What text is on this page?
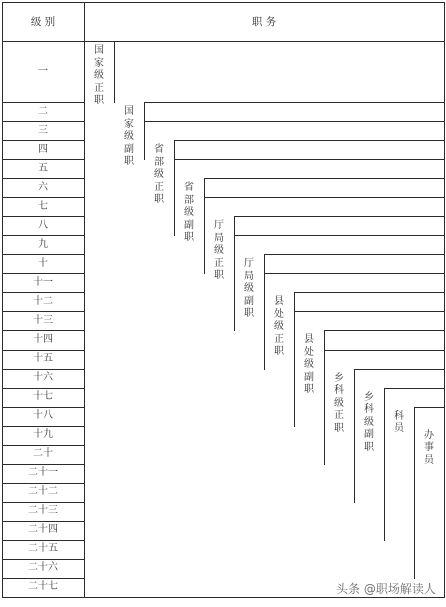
级 别	职 务
头条 @职场解读人
一
二
三
四
五
六
七
八
九
十
十一
十二
十三
十四
十五
十六
十七
十八
十九
二十
二十一
二十二
二十三
二十四
二十五
二十六
二十七
国家级正职
国家级副职
省部级正职
省部级副职
厅局级正职
厅局级副职
县处级正职
县处级副职
乡科级正职
乡科级副职
科员
办事员
